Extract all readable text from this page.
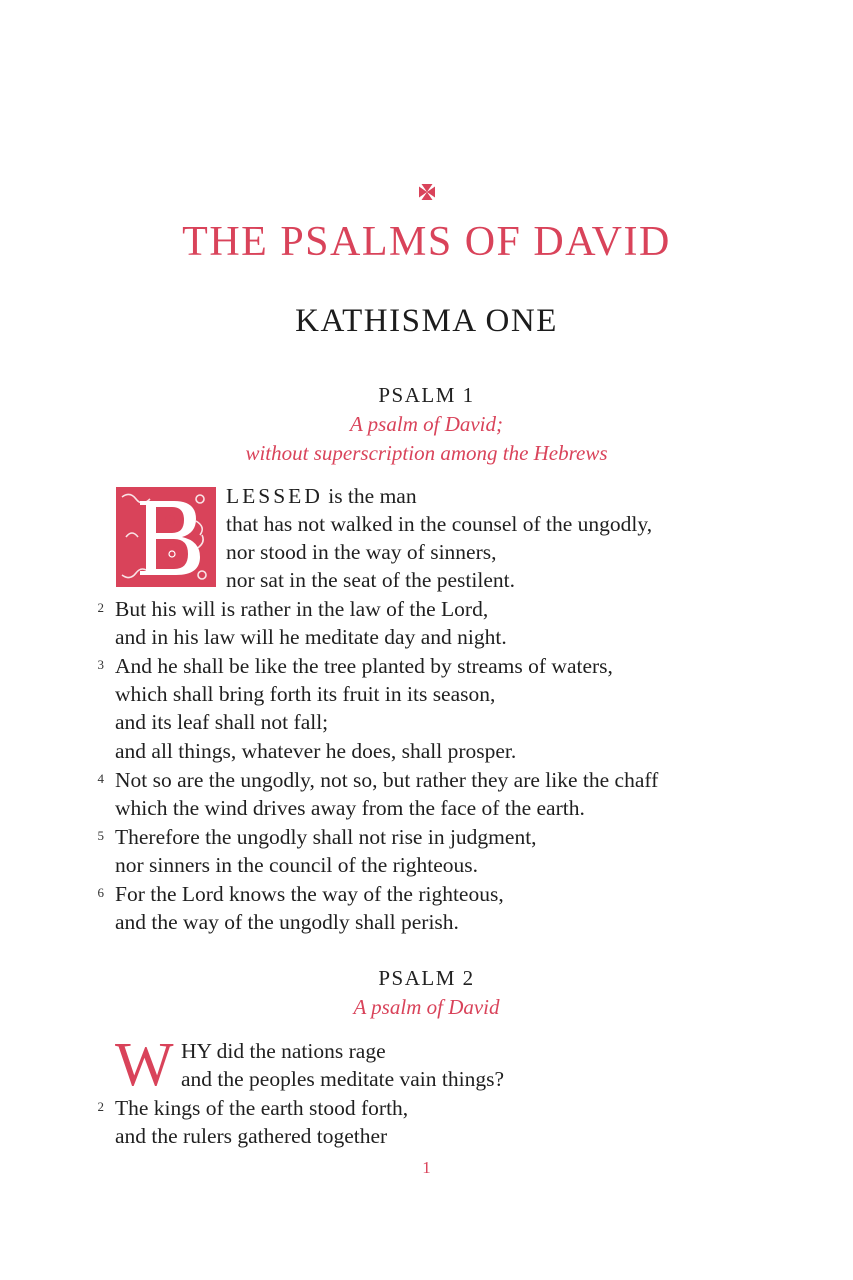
THE PSALMS OF DAVID
KATHISMA ONE
PSALM 1
A psalm of David;
without superscription among the Hebrews
LESSED is the man
that has not walked in the counsel of the ungodly,
nor stood in the way of sinners,
nor sat in the seat of the pestilent.
2 But his will is rather in the law of the Lord,
and in his law will he meditate day and night.
3 And he shall be like the tree planted by streams of waters,
which shall bring forth its fruit in its season,
and its leaf shall not fall;
and all things, whatever he does, shall prosper.
4 Not so are the ungodly, not so, but rather they are like the chaff
which the wind drives away from the face of the earth.
5 Therefore the ungodly shall not rise in judgment,
nor sinners in the council of the righteous.
6 For the Lord knows the way of the righteous,
and the way of the ungodly shall perish.
PSALM 2
A psalm of David
W HY did the nations rage
and the peoples meditate vain things?
2 The kings of the earth stood forth,
and the rulers gathered together
1
